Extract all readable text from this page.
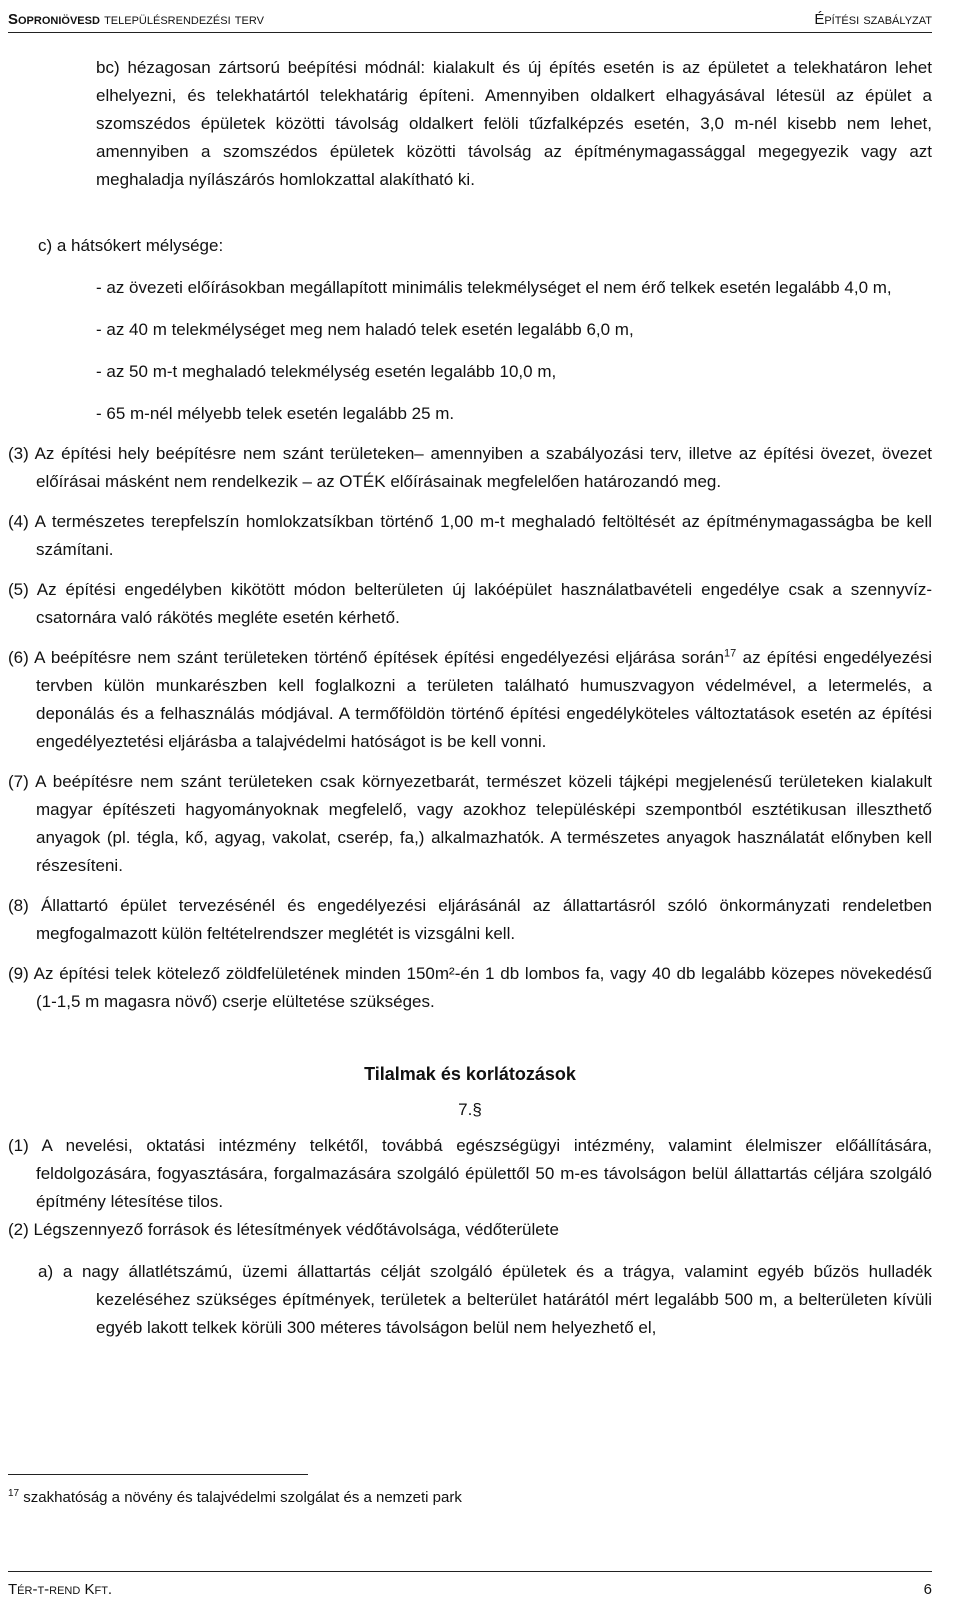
Soproniövesd településrendezési terv	Építési szabályzat

bc) hézagosan zártsorú beépítési módnál: kialakult és új építés esetén is az épületet a telekhatáron lehet elhelyezni, és telekhatártól telekhatárig építeni. Amennyiben oldalkert elhagyásával létesül az épület a szomszédos épületek közötti távolság oldalkert felöli tűzfalképzés esetén, 3,0 m-nél kisebb nem lehet, amennyiben a szomszédos épületek közötti távolság az építménymagassággal megegyezik vagy azt meghaladja nyílászárós homlokzattal alakítható ki.

c) a hátsókert mélysége:

- az övezeti előírásokban megállapított minimális telekmélységet el nem érő telkek esetén legalább 4,0 m,

- az 40 m telekmélységet meg nem haladó telek esetén legalább 6,0 m,

- az 50 m-t meghaladó telekmélység esetén legalább 10,0 m,

- 65 m-nél mélyebb telek esetén legalább 25 m.

(3) Az építési hely beépítésre nem szánt területeken– amennyiben a szabályozási terv, illetve az építési övezet, övezet előírásai másként nem rendelkezik – az OTÉK előírásainak megfelelően határozandó meg.

(4) A természetes terepfelszín homlokzatsíkban történő 1,00 m-t meghaladó feltöltését az építménymagasságba be kell számítani.

(5) Az építési engedélyben kikötött módon belterületen új lakóépület használatbavételi engedélye csak a szennyvíz-csatornára való rákötés megléte esetén kérhető.

(6) A beépítésre nem szánt területeken történő építések építési engedélyezési eljárása során$^{17}$ az építési engedélyezési tervben külön munkarészben kell foglalkozni a területen található humuszvagyon védelmével, a letermelés, a deponálás és a felhasználás módjával. A termőföldön történő építési engedélyköteles változtatások esetén az építési engedélyeztetési eljárásba a talajvédelmi hatóságot is be kell vonni.

(7) A beépítésre nem szánt területeken csak környezetbarát, természet közeli tájképi megjelenésű területeken kialakult magyar építészeti hagyományoknak megfelelő, vagy azokhoz településképi szempontból esztétikusan illeszthető anyagok (pl. tégla, kő, agyag, vakolat, cserép, fa,) alkalmazhatók. A természetes anyagok használatát előnyben kell részesíteni.

(8) Állattartó épület tervezésénél és engedélyezési eljárásánál az állattartásról szóló önkormányzati rendeletben megfogalmazott külön feltételrendszer meglétét is vizsgálni kell.

(9) Az építési telek kötelező zöldfelületének minden 150m²-én 1 db lombos fa, vagy 40 db legalább közepes növekedésű (1-1,5 m magasra növő) cserje elültetése szükséges.

Tilalmak és korlátozások

7.§

(1) A nevelési, oktatási intézmény telkétől, továbbá egészségügyi intézmény, valamint élelmiszer előállítására, feldolgozására, fogyasztására, forgalmazására szolgáló épülettől 50 m-es távolságon belül állattartás céljára szolgáló építmény létesítése tilos.

(2) Légszennyező források és létesítmények védőtávolsága, védőterülete

a) a nagy állatlétszámú, üzemi állattartás célját szolgáló épületek és a trágya, valamint egyéb bűzös hulladék kezeléséhez szükséges építmények, területek a belterület határától mért legalább 500 m, a belterületen kívüli egyéb lakott telkek körüli 300 méteres távolságon belül nem helyezhető el,

$^{17}$ szakhatóság a növény és talajvédelmi szolgálat és a nemzeti park
Tér-t-rend Kft.	6
